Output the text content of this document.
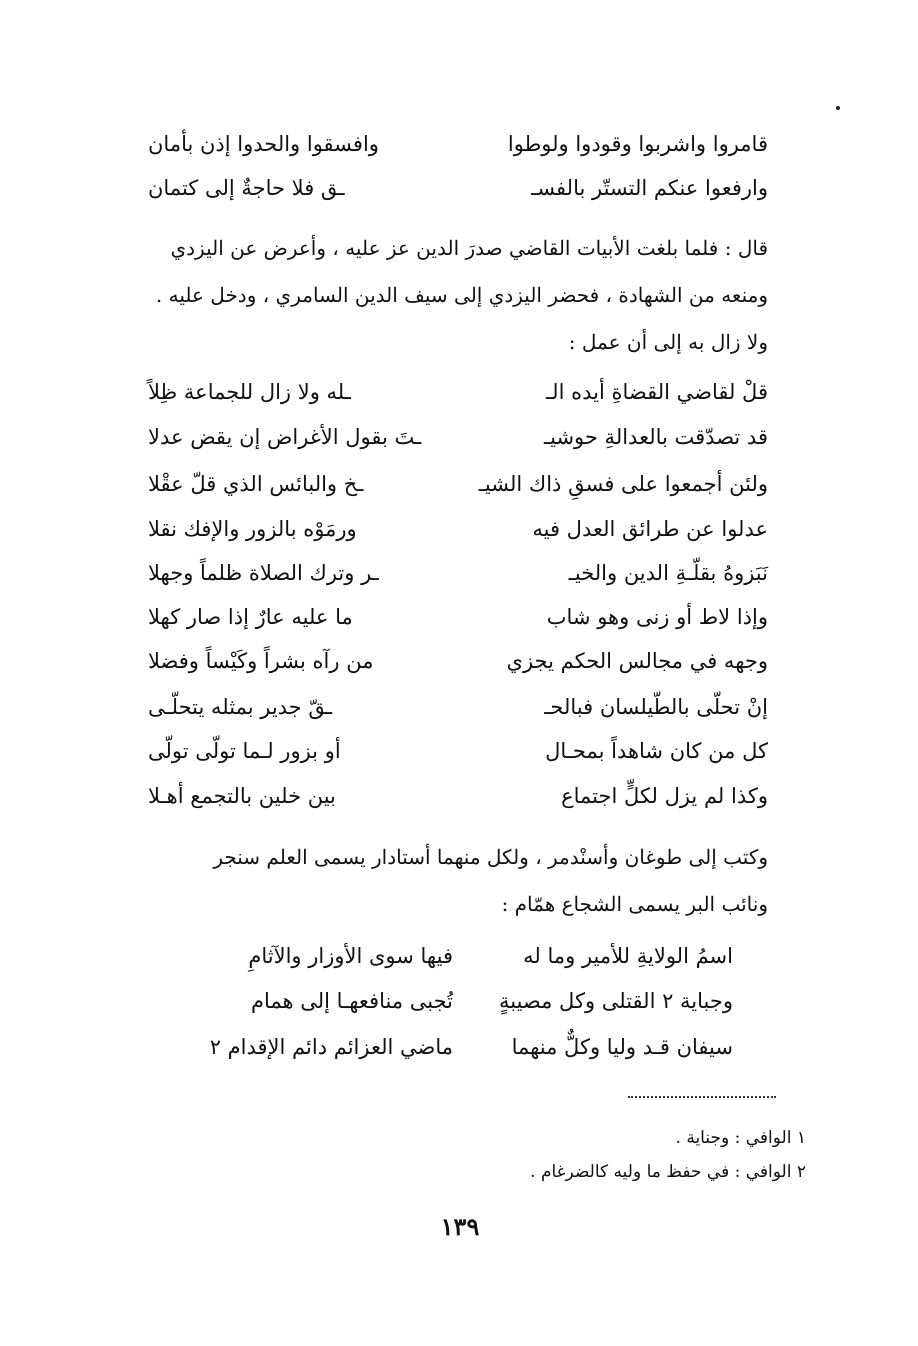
قامروا واشربوا وقودوا ولوطوا
وافسقوا والحدوا إذن بأمان
وارفعوا عنكم التستّر بالفسـ
ـق فلا حاجةٌ إلى كتمان

قال : فلما بلغت الأبيات القاضي صدرَ الدين عز عليه ، وأعرض عن اليزدي

ومنعه من الشهادة ، فحضر اليزدي إلى سيف الدين السامري ، ودخل عليه .

ولا زال به إلى أن عمل :

قلْ لقاضي القضاةِ أيده الـ
ـله ولا زال للجماعة ظِلاً
قد تصدّقت بالعدالةِ حوشيـ
ـتَ بقول الأغراض إن يقض عدلا
ولئن أجمعوا على فسقِ ذاك الشيـ
ـخ والبائس الذي قلّ عقْلا
عدلوا عن طرائق العدل فيه
ورمَوْه بالزور والإفك نقلا
نَبَزوهُ بقلّـةِ الدين والخيـ
ـر وترك الصلاة ظلماً وجهلا
وإذا لاط أو زنى وهو شاب
ما عليه عارٌ إذا صار كهلا
وجهه في مجالس الحكم يجزي
من رآه بشراً وكَيْساً وفضلا
إنْ تحلّى بالطّيلسان فبالحـ
ـقّ جدير بمثله يتحلّـى
كل من كان شاهداً بمحـال
أو بزور لـما تولّى تولّى
وكذا لم يزل لكلٍّ اجتماع
بين خلين بالتجمع أهـلا

وكتب إلى طوغان وأسنْدمر ، ولكل منهما أستادار يسمى العلم سنجر

ونائب البر يسمى الشجاع همّام :

اسمُ الولايةِ للأمير وما له
فيها سوى الأوزار والآثامِ
وجباية ٢ القتلى وكل مصيبةٍ
تُجبى منافعهـا إلى همام
سيفان قـد وليا وكلٌّ منهما
ماضي العزائم دائم الإقدام ٢
١ الوافي : وجناية .
٢ الوافي : في حفظ ما وليه كالضرغام .
١٣٩
